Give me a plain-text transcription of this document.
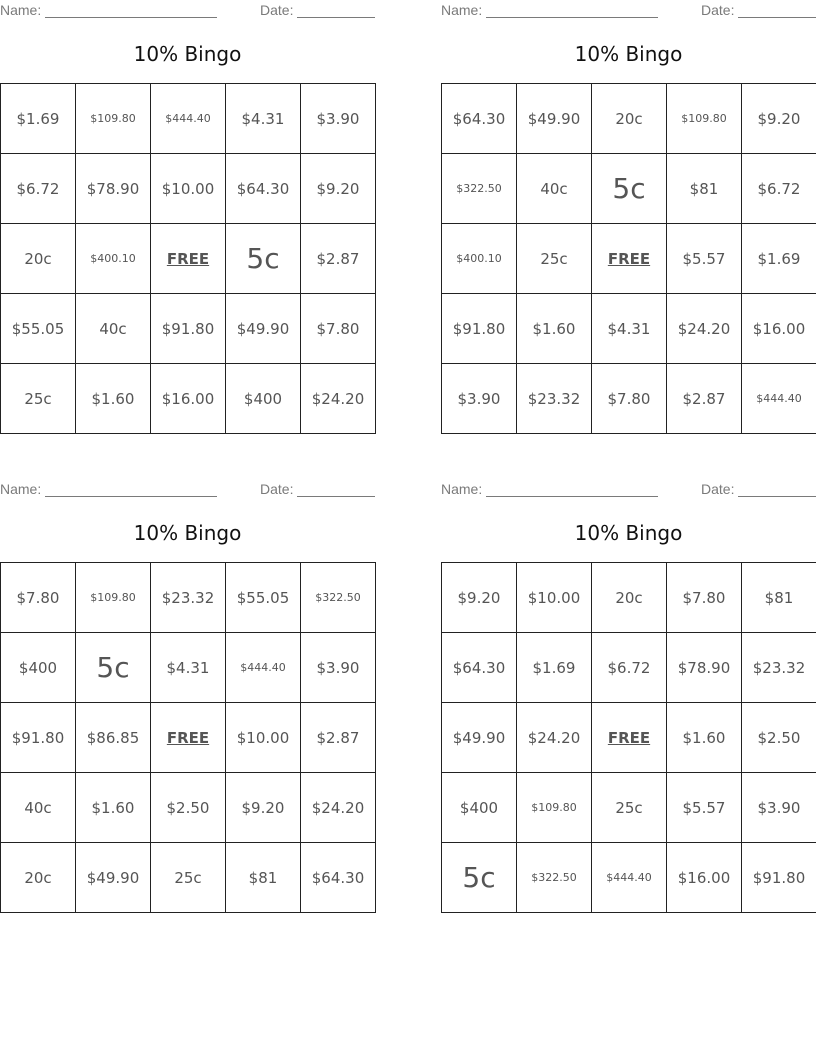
Name:	Date:
10% Bingo
$1.69	$109.80	$444.40	$4.31	$3.90
$6.72	$78.90	$10.00	$64.30	$9.20
20c	$400.10	FREE	5c	$2.87
$55.05	40c	$91.80	$49.90	$7.80
25c	$1.60	$16.00	$400	$24.20
Name:	Date:
10% Bingo
$64.30	$49.90	20c	$109.80	$9.20
$322.50	40c	5c	$81	$6.72
$400.10	25c	FREE	$5.57	$1.69
$91.80	$1.60	$4.31	$24.20	$16.00
$3.90	$23.32	$7.80	$2.87	$444.40
Name:	Date:
10% Bingo
$7.80	$109.80	$23.32	$55.05	$322.50
$400	5c	$4.31	$444.40	$3.90
$91.80	$86.85	FREE	$10.00	$2.87
40c	$1.60	$2.50	$9.20	$24.20
20c	$49.90	25c	$81	$64.30
Name:	Date:
10% Bingo
$9.20	$10.00	20c	$7.80	$81
$64.30	$1.69	$6.72	$78.90	$23.32
$49.90	$24.20	FREE	$1.60	$2.50
$400	$109.80	25c	$5.57	$3.90
5c	$322.50	$444.40	$16.00	$91.80
